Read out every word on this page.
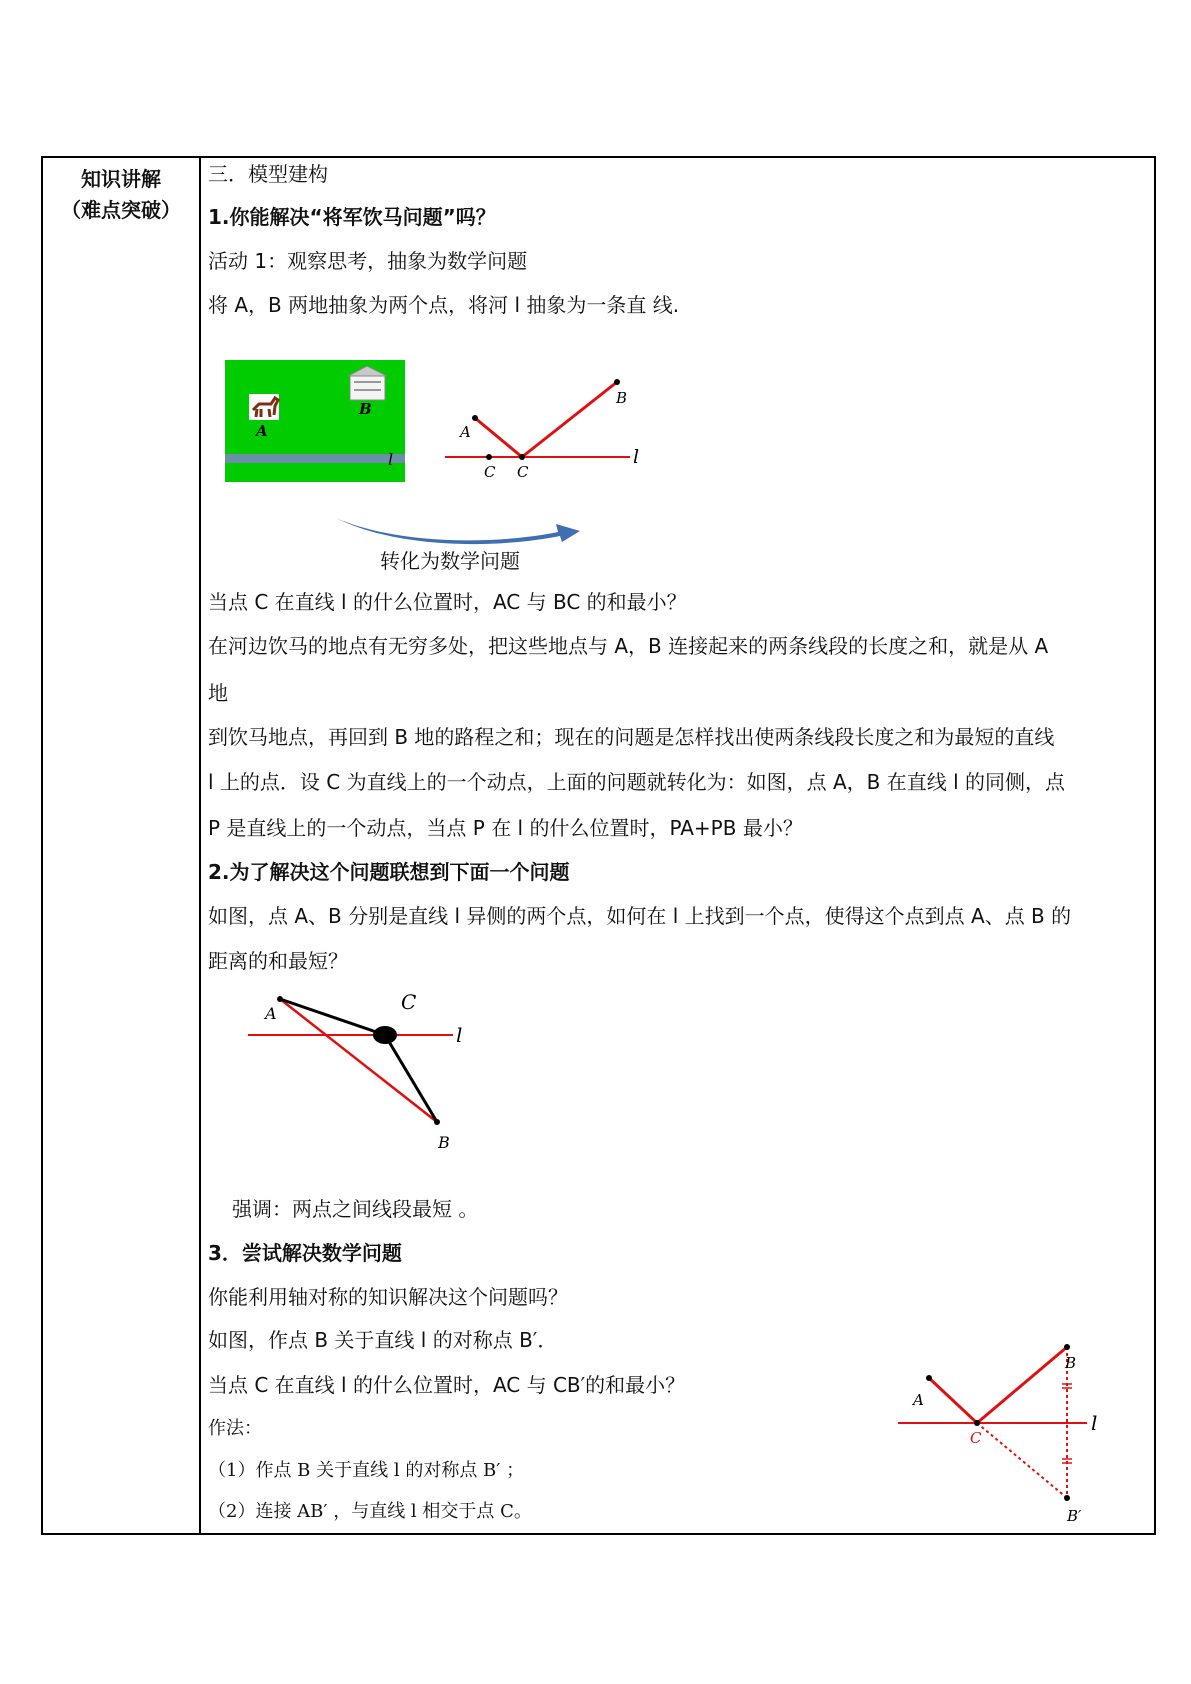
知识讲解
（难点突破）
三．模型建构
1.你能解决“将军饮马问题”吗？
活动 1：观察思考，抽象为数学问题
将 A，B 两地抽象为两个点，将河 l 抽象为一条直 线.
A
B
l
A
B
C C
l
转化为数学问题
当点 C 在直线 l 的什么位置时，AC 与 BC 的和最小？
在河边饮马的地点有无穷多处，把这些地点与 A，B 连接起来的两条线段的长度之和，就是从 A
地
到饮马地点，再回到 B 地的路程之和；现在的问题是怎样找出使两条线段长度之和为最短的直线
l 上的点．设 C 为直线上的一个动点，上面的问题就转化为：如图，点 A，B 在直线 l 的同侧，点
P 是直线上的一个动点，当点 P 在 l 的什么位置时，PA+PB 最小？
2.为了解决这个问题联想到下面一个问题
如图，点 A、B 分别是直线 l 异侧的两个点，如何在 l 上找到一个点，使得这个点到点 A、点 B 的
距离的和最短？
A
B
C
l
强调：两点之间线段最短 。
3．尝试解决数学问题
你能利用轴对称的知识解决这个问题吗？
如图，作点 B 关于直线 l 的对称点 B′．
当点 C 在直线 l 的什么位置时，AC 与 CB′的和最小？
作法：
（1）作点 B 关于直线 l 的对称点 B′ ；
（2）连接 AB′ ，与直线 l 相交于点 C。
A
B
C
B′
l
